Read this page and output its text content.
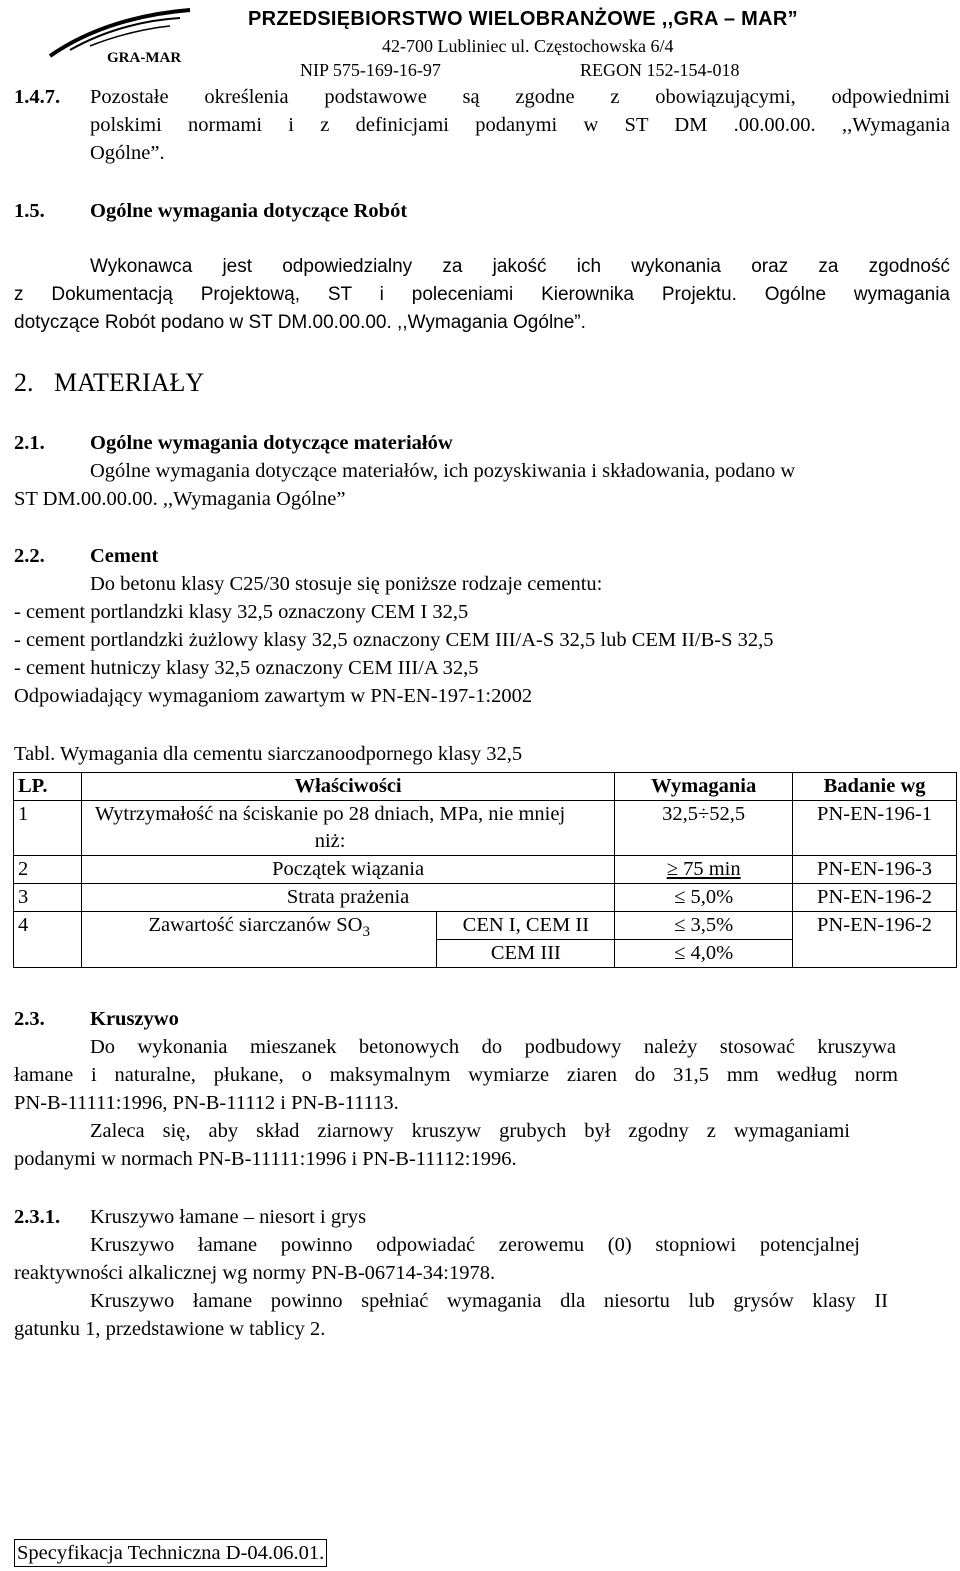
GRA-MAR
PRZEDSIĘBIORSTWO WIELOBRANŻOWE ,,GRA – MAR”
42-700 Lubliniec ul. Częstochowska 6/4
NIP 575-169-16-97	REGON 152-154-018
1.4.7. Pozostałe określenia podstawowe są zgodne z obowiązującymi, odpowiednimi
polskimi normami i z definicjami podanymi w ST DM .00.00.00. ,,Wymagania
Ogólne”.
1.5. Ogólne wymagania dotyczące Robót
Wykonawca jest odpowiedzialny za jakość ich wykonania oraz za zgodność
z Dokumentacją Projektową, ST i poleceniami Kierownika Projektu. Ogólne wymagania
dotyczące Robót podano w ST DM.00.00.00. ,,Wymagania Ogólne”.
2. MATERIAŁY
2.1. Ogólne wymagania dotyczące materiałów
Ogólne wymagania dotyczące materiałów, ich pozyskiwania i składowania, podano w
ST DM.00.00.00. ,,Wymagania Ogólne”
2.2. Cement
Do betonu klasy C25/30 stosuje się poniższe rodzaje cementu:
- cement portlandzki klasy 32,5 oznaczony CEM I 32,5
- cement portlandzki żużlowy klasy 32,5 oznaczony CEM III/A-S 32,5 lub CEM II/B-S 32,5
- cement hutniczy klasy 32,5 oznaczony CEM III/A 32,5
Odpowiadający wymaganiom zawartym w PN-EN-197-1:2002
Tabl. Wymagania dla cementu siarczanoodpornego klasy 32,5
LP.	Właściwości		Wymagania	Badanie wg
1	Wytrzymałość na ściskanie po 28 dniach, MPa, nie mniej niż:		32,5÷52,5	PN-EN-196-1
2	Początek wiązania		≥ 75 min	PN-EN-196-3
3	Strata prażenia		≤ 5,0%	PN-EN-196-2
4	Zawartość siarczanów $SO_3$	CEN I, CEM II	≤ 3,5%	PN-EN-196-2
		CEM III	≤ 4,0%	
2.3. Kruszywo
Do wykonania mieszanek betonowych do podbudowy należy stosować kruszywa
łamane i naturalne, płukane, o maksymalnym wymiarze ziaren do 31,5 mm według norm
PN-B-11111:1996, PN-B-11112 i PN-B-11113.
Zaleca się, aby skład ziarnowy kruszyw grubych był zgodny z wymaganiami
podanymi w normach PN-B-11111:1996 i PN-B-11112:1996.
2.3.1. Kruszywo łamane – niesort i grys
Kruszywo łamane powinno odpowiadać zerowemu (0) stopniowi potencjalnej
reaktywności alkalicznej wg normy PN-B-06714-34:1978.
Kruszywo łamane powinno spełniać wymagania dla niesortu lub grysów klasy II
gatunku 1, przedstawione w tablicy 2.
Specyfikacja Techniczna D-04.06.01.
